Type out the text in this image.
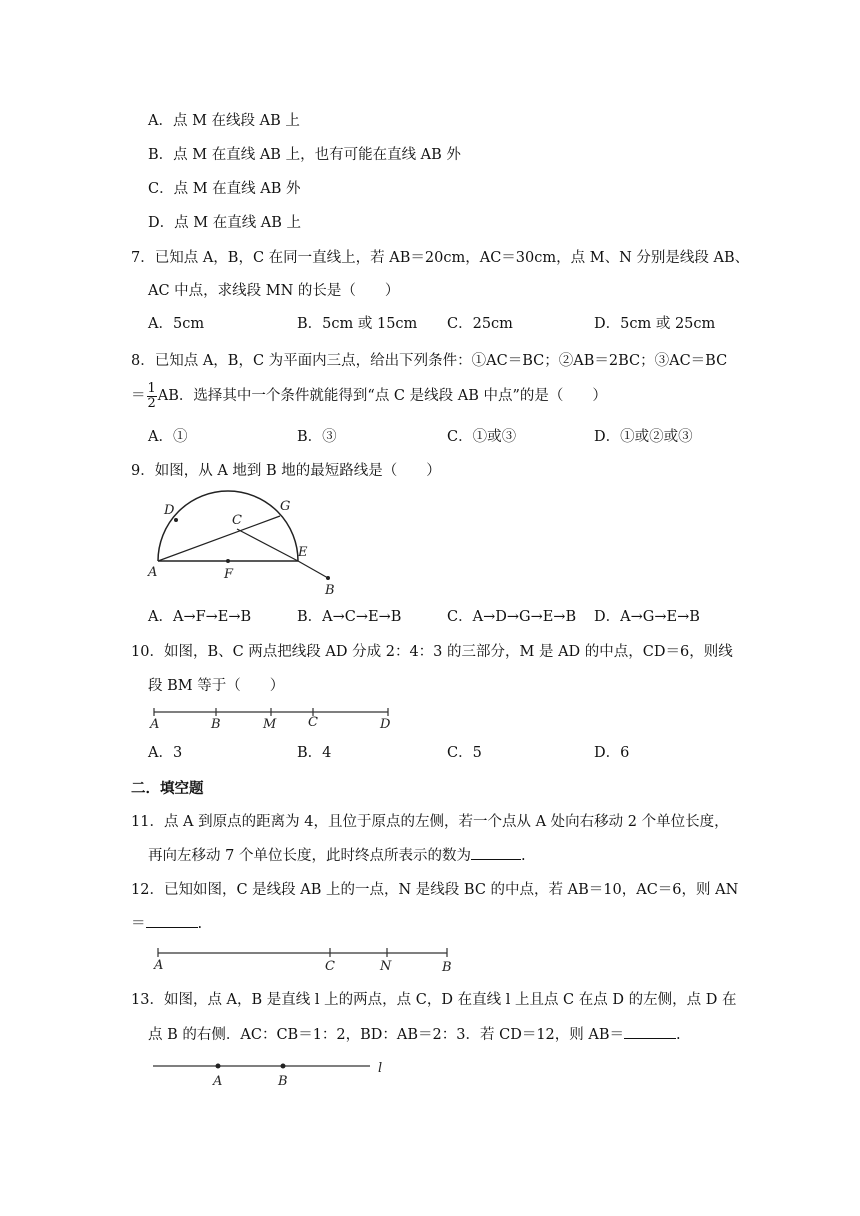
A．点 M 在线段 AB 上
B．点 M 在直线 AB 上，也有可能在直线 AB 外
C．点 M 在直线 AB 外
D．点 M 在直线 AB 上
7．已知点 A，B，C 在同一直线上，若 AB＝20cm，AC＝30cm，点 M、N 分别是线段 AB、
AC 中点，求线段 MN 的长是（　　）
A．5cm	B．5cm 或 15cm C．25cm	D．5cm 或 25cm
8．已知点 A，B，C 为平面内三点，给出下列条件：①AC＝BC；②AB＝2BC；③AC＝BC
＝ $\frac{1}{2}$ AB．选择其中一个条件就能得到“点 C 是线段 AB 中点”的是（　　）
A．①	B．③	C．①或③	D．①或②或③
9．如图，从 A 地到 B 地的最短路线是（　　）
D	G
C
E
A	F
B
A．A→F→E→B	B．A→C→E→B	C．A→D→G→E→B D．A→G→E→B
10．如图，B、C 两点把线段 AD 分成 2：4：3 的三部分，M 是 AD 的中点，CD＝6，则线
段 BM 等于（　　）
A	B	M C	D
A．3	B．4	C．5	D．6
二．填空题
11．点 A 到原点的距离为 4，且位于原点的左侧，若一个点从 A 处向右移动 2 个单位长度，
再向左移动 7 个单位长度，此时终点所表示的数为	.
12．已知如图，C 是线段 AB 上的一点，N 是线段 BC 的中点，若 AB＝10，AC＝6，则 AN
＝	.
A	C	N	B
13．如图，点 A，B 是直线 l 上的两点，点 C，D 在直线 l 上且点 C 在点 D 的左侧，点 D 在
点 B 的右侧．AC：CB＝1：2，BD：AB＝2：3．若 CD＝12，则 AB＝	.
A	B
l
